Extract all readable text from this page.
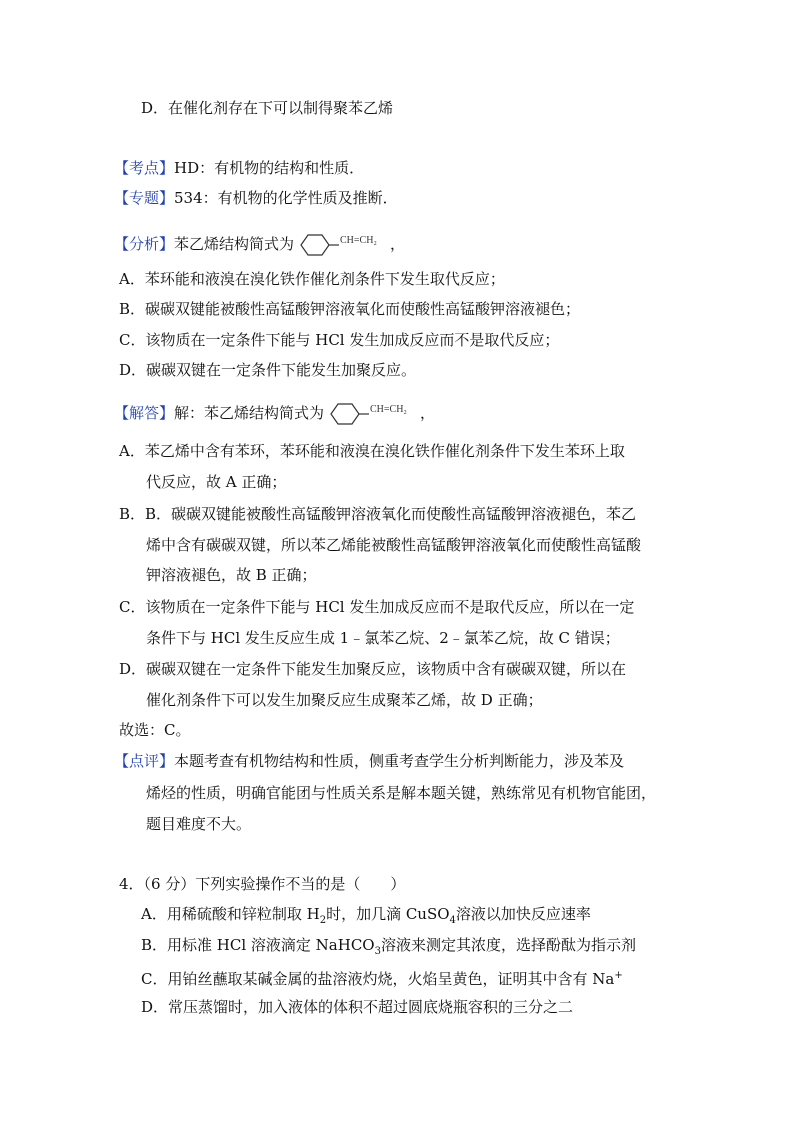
D．在催化剂存在下可以制得聚苯乙烯
【考点】HD：有机物的结构和性质．
【专题】534：有机物的化学性质及推断．
【分析】苯乙烯结构简式为	CH=CH₂ ，
A．苯环能和液溴在溴化铁作催化剂条件下发生取代反应；
B．碳碳双键能被酸性高锰酸钾溶液氧化而使酸性高锰酸钾溶液褪色；
C．该物质在一定条件下能与 HCl 发生加成反应而不是取代反应；
D．碳碳双键在一定条件下能发生加聚反应。
【解答】解：苯乙烯结构简式为	CH=CH₂ ，
A．苯乙烯中含有苯环，苯环能和液溴在溴化铁作催化剂条件下发生苯环上取
代反应，故 A 正确；
B．B．碳碳双键能被酸性高锰酸钾溶液氧化而使酸性高锰酸钾溶液褪色，苯乙
烯中含有碳碳双键，所以苯乙烯能被酸性高锰酸钾溶液氧化而使酸性高锰酸
钾溶液褪色，故 B 正确；
C．该物质在一定条件下能与 HCl 发生加成反应而不是取代反应，所以在一定
条件下与 HCl 发生反应生成 1﹣氯苯乙烷、2﹣氯苯乙烷，故 C 错误；
D．碳碳双键在一定条件下能发生加聚反应，该物质中含有碳碳双键，所以在
催化剂条件下可以发生加聚反应生成聚苯乙烯，故 D 正确；
故选：C。
【点评】本题考查有机物结构和性质，侧重考查学生分析判断能力，涉及苯及
烯烃的性质，明确官能团与性质关系是解本题关键，熟练常见有机物官能团，
题目难度不大。
4．（6 分）下列实验操作不当的是（　　）
A．用稀硫酸和锌粒制取 $H_2$时，加几滴 CuSO$_4$溶液以加快反应速率
B．用标准 HCl 溶液滴定 NaHCO$_3$溶液来测定其浓度，选择酚酞为指示剂
C．用铂丝蘸取某碱金属的盐溶液灼烧，火焰呈黄色，证明其中含有 Na+
D．常压蒸馏时，加入液体的体积不超过圆底烧瓶容积的三分之二
